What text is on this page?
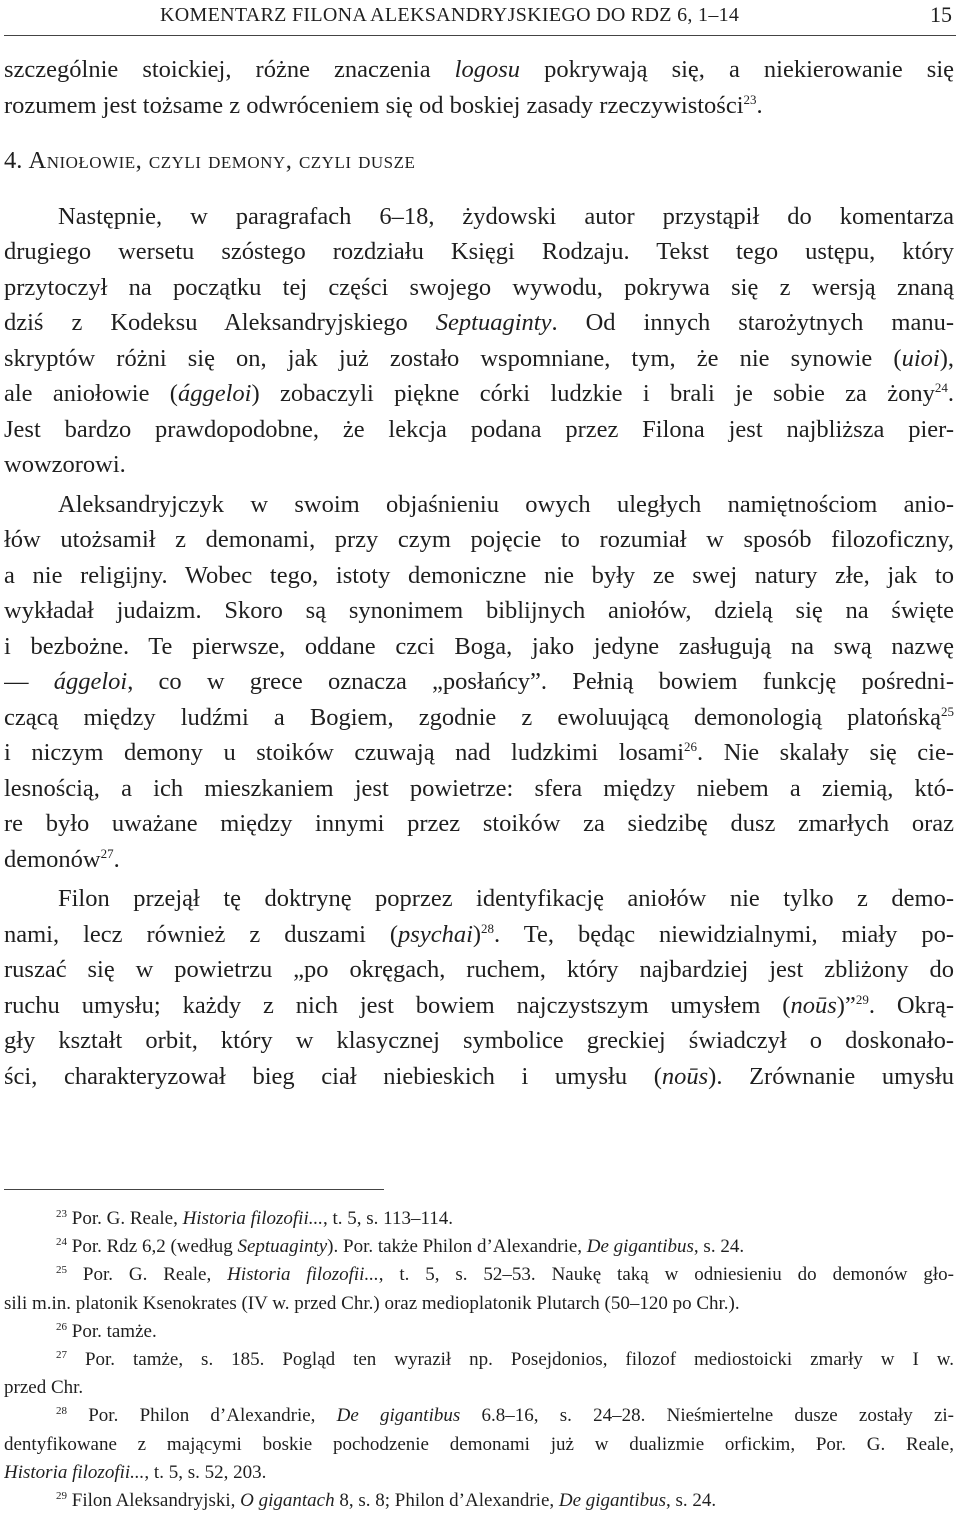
KOMENTARZ FILONA ALEKSANDRYJSKIEGO DO RDZ 6, 1–14	15
szczególnie stoickiej, różne znaczenia logosu pokrywają się, a niekierowanie się
rozumem jest tożsame z odwróceniem się od boskiej zasady rzeczywistości$^{23}$.
4. Aniołowie, czyli demony, czyli dusze
Następnie, w paragrafach 6–18, żydowski autor przystąpił do komentarza
drugiego wersetu szóstego rozdziału Księgi Rodzaju. Tekst tego ustępu, który
przytoczył na początku tej części swojego wywodu, pokrywa się z wersją znaną
dziś z Kodeksu Aleksandryjskiego Septuaginty. Od innych starożytnych manu-
skryptów różni się on, jak już zostało wspomniane, tym, że nie synowie (uioi),
ale aniołowie (ággeloi) zobaczyli piękne córki ludzkie i brali je sobie za żony$^{24}$.
Jest bardzo prawdopodobne, że lekcja podana przez Filona jest najbliższa pier-
wowzorowi.
Aleksandryjczyk w swoim objaśnieniu owych uległych namiętnościom anio-
łów utożsamił z demonami, przy czym pojęcie to rozumiał w sposób filozoficzny,
a nie religijny. Wobec tego, istoty demoniczne nie były ze swej natury złe, jak to
wykładał judaizm. Skoro są synonimem biblijnych aniołów, dzielą się na święte
i bezbożne. Te pierwsze, oddane czci Boga, jako jedyne zasługują na swą nazwę
— ággeloi, co w grece oznacza „posłańcy”. Pełnią bowiem funkcję pośredni-
czącą między ludźmi a Bogiem, zgodnie z ewoluującą demonologią platońską$^{25}$
i niczym demony u stoików czuwają nad ludzkimi losami$^{26}$. Nie skalały się cie-
lesnością, a ich mieszkaniem jest powietrze: sfera między niebem a ziemią, któ-
re było uważane między innymi przez stoików za siedzibę dusz zmarłych oraz
demonów$^{27}$.
Filon przejął tę doktrynę poprzez identyfikację aniołów nie tylko z demo-
nami, lecz również z duszami (psychai)$^{28}$. Te, będąc niewidzialnymi, miały po-
ruszać się w powietrzu „po okręgach, ruchem, który najbardziej jest zbliżony do
ruchu umysłu; każdy z nich jest bowiem najczystszym umysłem (noūs)”$^{29}$. Okrą-
gły kształt orbit, który w klasycznej symbolice greckiej świadczył o doskonało-
ści, charakteryzował bieg ciał niebieskich i umysłu (noūs). Zrównanie umysłu
$^{23}$ Por. G. Reale, Historia filozofii..., t. 5, s. 113–114.
$^{24}$ Por. Rdz 6,2 (według Septuaginty). Por. także Philon d’Alexandrie, De gigantibus, s. 24.
$^{25}$ Por. G. Reale, Historia filozofii..., t. 5, s. 52–53. Naukę taką w odniesieniu do demonów gło-
sili m.in. platonik Ksenokrates (IV w. przed Chr.) oraz medioplatonik Plutarch (50–120 po Chr.).
$^{26}$ Por. tamże.
$^{27}$ Por. tamże, s. 185. Pogląd ten wyraził np. Posejdonios, filozof mediostoicki zmarły w I w.
przed Chr.
$^{28}$ Por. Philon d’Alexandrie, De gigantibus 6.8–16, s. 24–28. Nieśmiertelne dusze zostały zi-
dentyfikowane z mającymi boskie pochodzenie demonami już w dualizmie orfickim, Por. G. Reale,
Historia filozofii..., t. 5, s. 52, 203.
$^{29}$ Filon Aleksandryjski, O gigantach 8, s. 8; Philon d’Alexandrie, De gigantibus, s. 24.
